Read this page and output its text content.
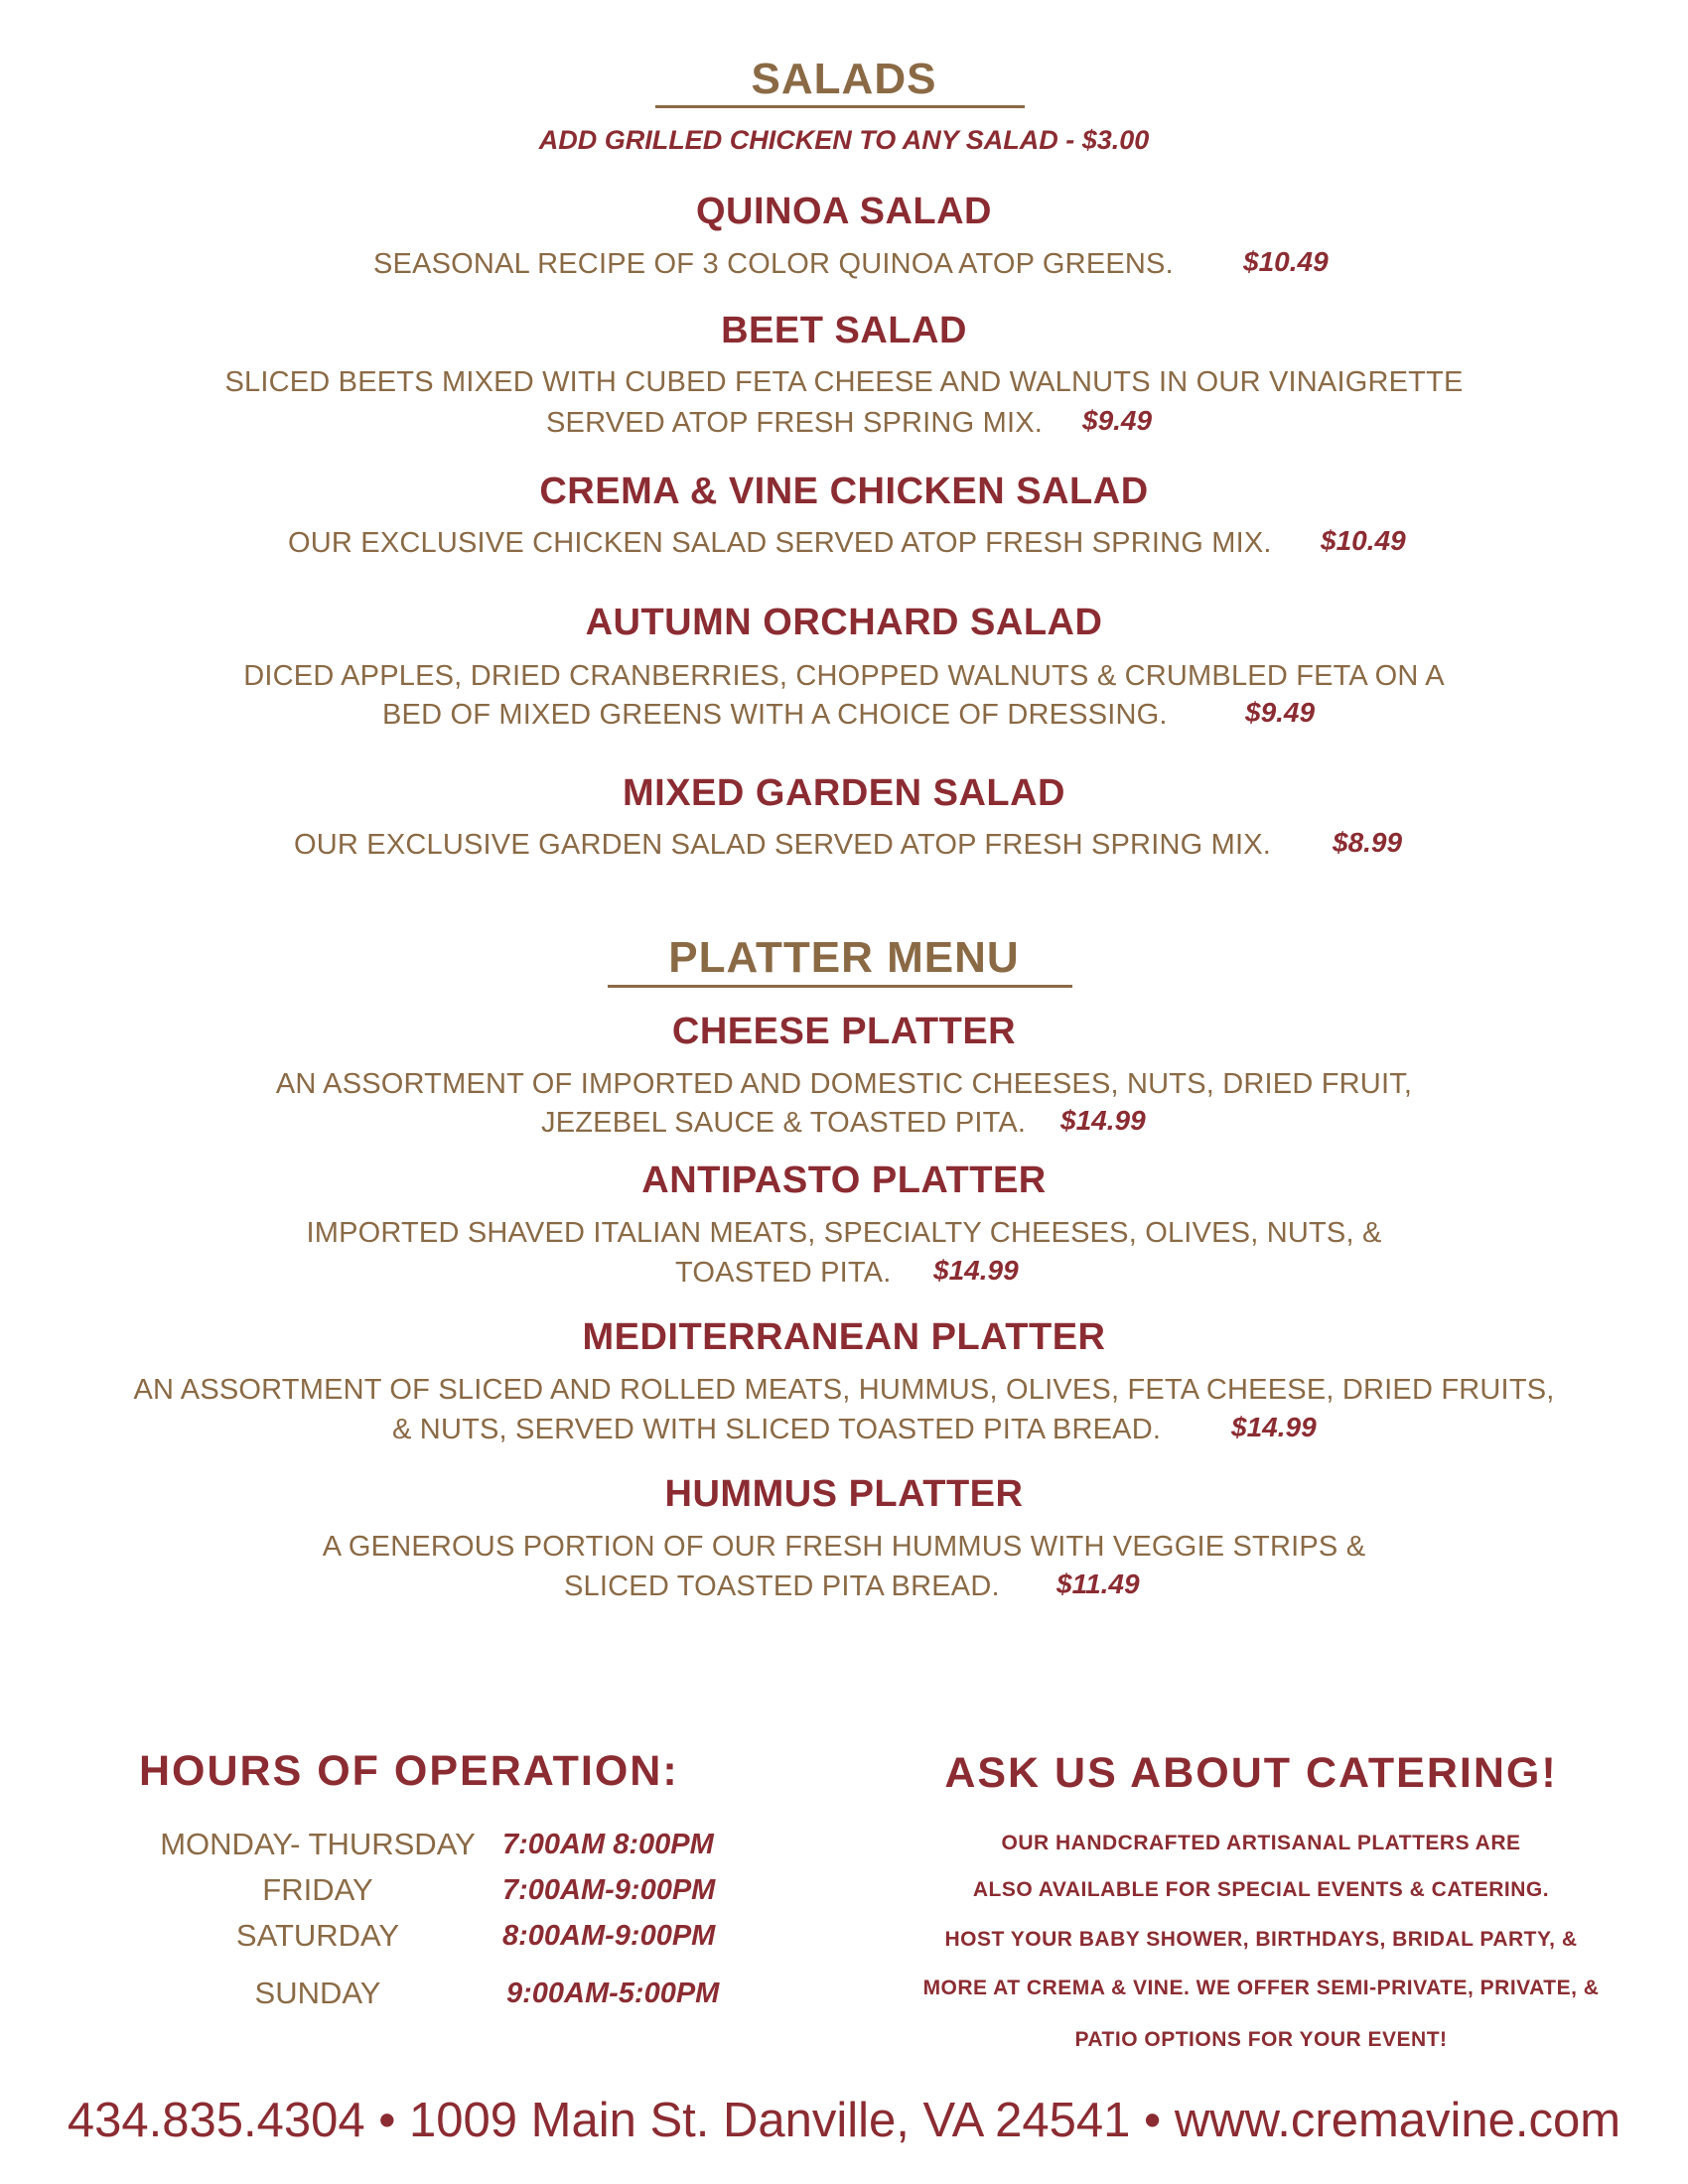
SALADS
ADD GRILLED CHICKEN TO ANY SALAD - $3.00
QUINOA SALAD
SEASONAL RECIPE OF 3 COLOR QUINOA ATOP GREENS.	$10.49
BEET SALAD
SLICED BEETS MIXED WITH CUBED FETA CHEESE AND WALNUTS IN OUR VINAIGRETTE
SERVED ATOP FRESH SPRING MIX. $9.49
CREMA & VINE CHICKEN SALAD
OUR EXCLUSIVE CHICKEN SALAD SERVED ATOP FRESH SPRING MIX. $10.49
AUTUMN ORCHARD SALAD
DICED APPLES, DRIED CRANBERRIES, CHOPPED WALNUTS & CRUMBLED FETA ON A
BED OF MIXED GREENS WITH A CHOICE OF DRESSING.	$9.49
MIXED GARDEN SALAD
OUR EXCLUSIVE GARDEN SALAD SERVED ATOP FRESH SPRING MIX. $8.99
PLATTER MENU
CHEESE PLATTER
AN ASSORTMENT OF IMPORTED AND DOMESTIC CHEESES, NUTS, DRIED FRUIT,
JEZEBEL SAUCE & TOASTED PITA. $14.99
ANTIPASTO PLATTER
IMPORTED SHAVED ITALIAN MEATS, SPECIALTY CHEESES, OLIVES, NUTS, &
TOASTED PITA. $14.99
MEDITERRANEAN PLATTER
AN ASSORTMENT OF SLICED AND ROLLED MEATS, HUMMUS, OLIVES, FETA CHEESE, DRIED FRUITS,
& NUTS, SERVED WITH SLICED TOASTED PITA BREAD.	$14.99
HUMMUS PLATTER
A GENEROUS PORTION OF OUR FRESH HUMMUS WITH VEGGIE STRIPS &
SLICED TOASTED PITA BREAD. $11.49
HOURS OF OPERATION:
MONDAY- THURSDAY 7:00AM 8:00PM
FRIDAY	7:00AM-9:00PM
SATURDAY	8:00AM-9:00PM
SUNDAY	9:00AM-5:00PM
ASK US ABOUT CATERING!
OUR HANDCRAFTED ARTISANAL PLATTERS ARE
ALSO AVAILABLE FOR SPECIAL EVENTS & CATERING.
HOST YOUR BABY SHOWER, BIRTHDAYS, BRIDAL PARTY, &
MORE AT CREMA & VINE. WE OFFER SEMI-PRIVATE, PRIVATE, &
PATIO OPTIONS FOR YOUR EVENT!
434.835.4304 • 1009 Main St. Danville, VA 24541 • www.cremavine.com
